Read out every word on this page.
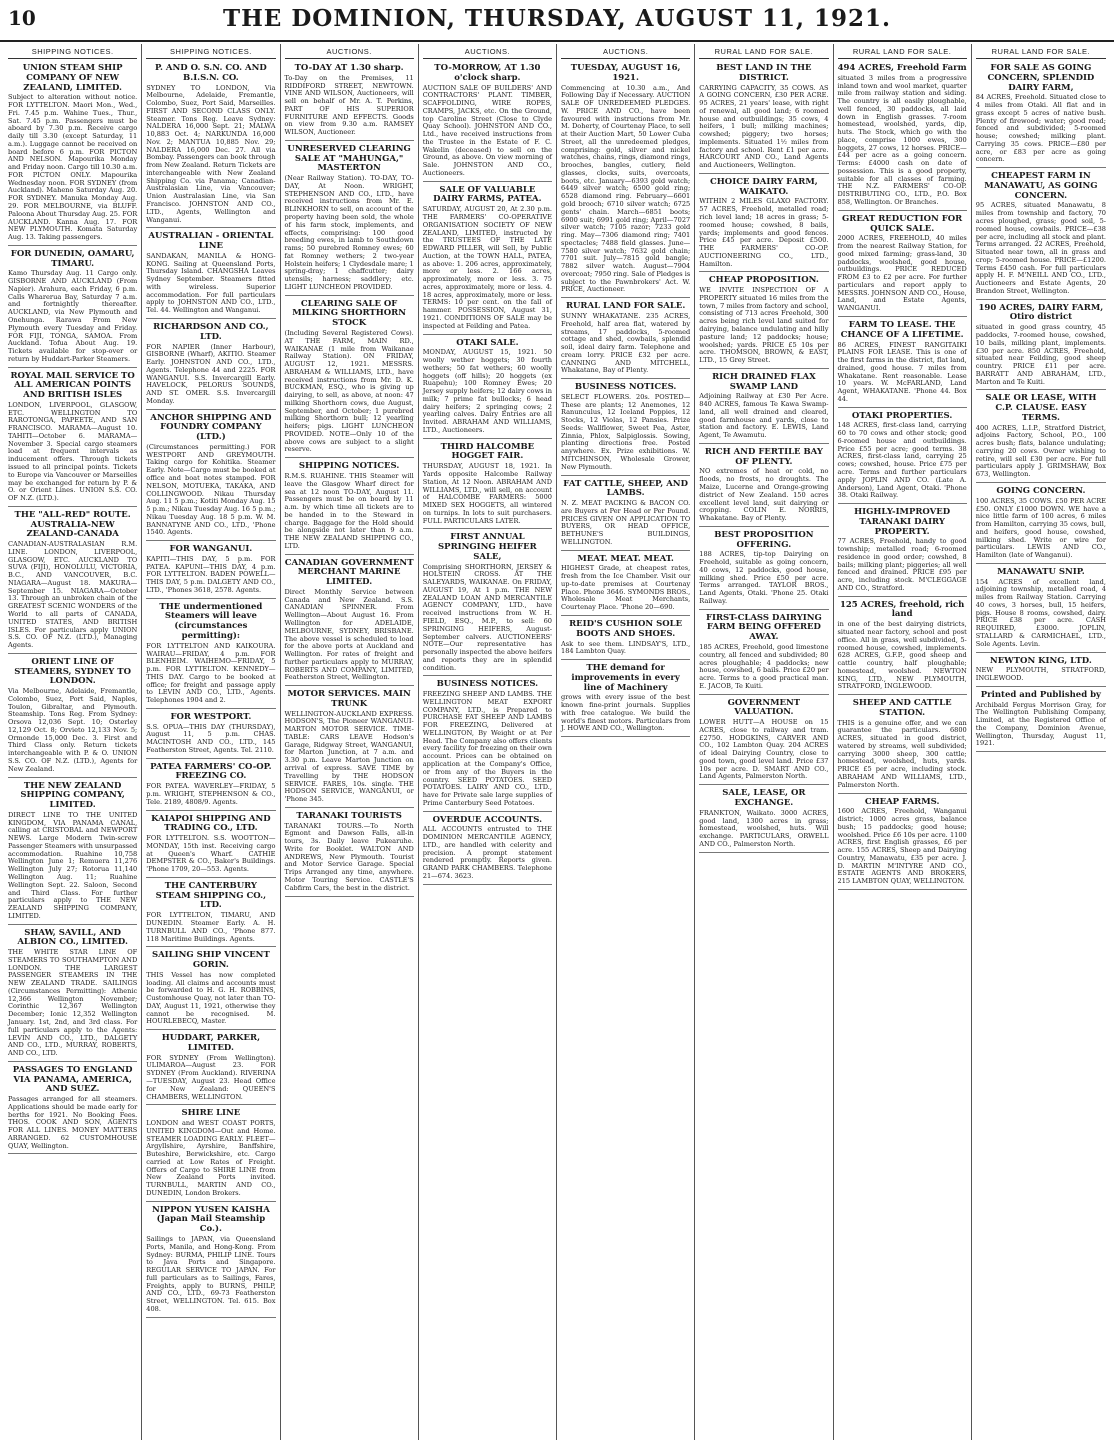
10	THE DOMINION, THURSDAY, AUGUST 11, 1921.
SHIPPING NOTICES.
UNION STEAM SHIP COMPANY OF NEW ZEALAND, LIMITED.
Subject to alteration without notice. FOR LYTTELTON. Maori Mon., Wed., Fri. 7.45 p.m. Wahine Tues., Thur., Sat. 7.45 p.m. Passengers must be aboard by 7.30 p.m. Receive cargo daily till 3.30 (except Saturday, 11 a.m.). Luggage cannot be received on board before 6 p.m. FOR PICTON AND NELSON. Mapourika Monday and Friday noon. Cargo till 10.30 a.m. FOR PICTON ONLY. Mapourika Wednesday noon. FOR SYDNEY (from Auckland). Maheno Saturday Aug. 20. FOR SYDNEY. Manuka Monday Aug. 29. FOR MELBOURNE, via BLUFF. Paloona About Thursday Aug. 25. FOR AUCKLAND. Kanna Aug. 17. FOR NEW PLYMOUTH. Komata Saturday Aug. 13. Taking passengers.
FOR DUNEDIN, OAMARU, TIMARU.
Kamo Thursday Aug. 11 Cargo only. GISBORNE AND AUCKLAND (From Napier). Arahura, each Friday, 6 p.m. Calls Wharerua Bay, Saturday 7 a.m. and fortnightly thereafter. AUCKLAND, via New Plymouth and Onehunga. Rarawa From New Plymouth every Tuesday and Friday. FOR FIJI, TONGA, SAMOA. From Auckland. Tofua About Aug. 19. Tickets available for stop-over or return by Huddart-Parker Steamers.
ROYAL MAIL SERVICE TO ALL AMERICAN POINTS AND BRITISH ISLES
LONDON, LIVERPOOL, GLASGOW, ETC. WELLINGTON TO RAROTONGA, PAPEETE, AND SAN FRANCISCO. MARAMA—August 10. TAHITI—October 6. MARAMA—November 3. Special cargo steamers load at frequent intervals as inducement offers. Through tickets issued to all principal points. Tickets to Europe via Vancouver or Marseilles may be exchanged for return by P. & O. or Orient Lines. UNION S.S. CO. OF N.Z. (LTD.).
THE "ALL-RED" ROUTE. AUSTRALIA-NEW ZEALAND-CANADA
CANADIAN-AUSTRALASIAN R.M. LINE. LONDON, LIVERPOOL, GLASGOW, ETC. AUCKLAND TO SUVA (FIJI), HONOLULU, VICTORIA, B.C., AND VANCOUVER, B.C. NIAGARA—August 18. MAKURA—September 15. NIAGARA—October 13. Through an unbroken chain of the GREATEST SCENIC WONDERS of the World to all parts of CANADA, UNITED STATES, AND BRITISH ISLES. For particulars apply UNION S.S. CO. OF N.Z. (LTD.), Managing Agents.
ORIENT LINE OF STEAMERS, SYDNEY TO LONDON.
Via Melbourne, Adelaide, Fremantle, Colombo, Suez, Port Said, Naples, Toulon, Gibraltar, and Plymouth. Steamship. Tons Reg. From Sydney: Orsova 12,036 Sept. 10; Osterley 12,129 Oct. 8; Orvieto 12,133 Nov. 5; Ormonde 15,000 Dec. 3. First and Third Class only. Return tickets interchangeable with P. & O. UNION S.S. CO. OF N.Z. (LTD.), Agents for New Zealand.
THE NEW ZEALAND SHIPPING COMPANY, LIMITED.
DIRECT LINE TO THE UNITED KINGDOM, VIA PANAMA CANAL, calling at CRISTOBAL and NEWPORT NEWS. Large Modern Twin-screw Passenger Steamers with unsurpassed accommodation. Ruahine 10,758 Wellington June 1; Remuera 11,276 Wellington July 27; Rotorua 11,140 Wellington Aug. 11; Ruahine Wellington Sept. 22. Saloon, Second and Third Class. For further particulars apply to THE NEW ZEALAND SHIPPING COMPANY, LIMITED.
SHAW, SAVILL, AND ALBION CO., LIMITED.
THE WHITE STAR LINE OF STEAMERS TO SOUTHAMPTON AND LONDON. THE LARGEST PASSENGER STEAMERS IN THE NEW ZEALAND TRADE. SAILINGS (Circumstances Permitting): Athenic 12,366 Wellington November; Corinthic 12,367 Wellington December; Ionic 12,352 Wellington January. 1st, 2nd, and 3rd class. For full particulars apply to the Agents: LEVIN AND CO., LTD., DALGETY AND CO., LTD., MURRAY, ROBERTS, AND CO., LTD.
PASSAGES TO ENGLAND VIA PANAMA, AMERICA, AND SUEZ.
Passages arranged for all steamers. Applications should be made early for berths for 1921. No Booking Fees. THOS. COOK AND SON, AGENTS FOR ALL LINES. MONEY MATTERS ARRANGED. 62 CUSTOMHOUSE QUAY, Wellington.
SHIPPING NOTICES.
P. AND O. S.N. CO. AND B.I.S.N. CO.
SYDNEY TO LONDON, Via Melbourne, Adelaide, Fremantle, Colombo, Suez, Port Said, Marseilles. FIRST AND SECOND CLASS ONLY. Steamer. Tons Reg. Leave Sydney: NALDERA 16,000 Sept. 21; MALWA 10,883 Oct. 4; NARKUNDA 16,000 Nov. 2; MANTUA 10,885 Nov. 29; NALDERA 16,000 Dec. 27. All via Bombay. Passengers can book through from New Zealand. Return Tickets are interchangeable with New Zealand Shipping Co. via Panama; Canadian-Australasian Line, via Vancouver; Union Australasian Line, via San Francisco. JOHNSTON AND CO., LTD., Agents, Wellington and Wanganui.
AUSTRALIAN - ORIENTAL LINE
SANDAKAN, MANILA & HONG-KONG. Sailing at Queensland Ports, Thursday Island. CHANGSHA Leaves Sydney September. Steamers fitted with wireless. Superior accommodation. For full particulars apply to JOHNSTON AND CO., LTD., Tel. 44. Wellington and Wanganui.
RICHARDSON AND CO., LTD.
FOR NAPIER (Inner Harbour), GISBORNE (Wharf), AKITIO. Steamer Early. JOHNSTON AND CO., LTD., Agents. Telephone 44 and 2225. FOR WANGANUI. S.S. Invercargill Early. HAVELOCK, PELORUS SOUNDS, AND ST. OMER. S.S. Invercargill Monday.
ANCHOR SHIPPING AND FOUNDRY COMPANY (LTD.)
(Circumstances permitting.) FOR WESTPORT AND GREYMOUTH. Taking cargo for Kohitika. Steamer Early. Note—Cargo must be booked at office and boat notes stamped. FOR NELSON, MOTUEKA, TAKAKA, AND COLLINGWOOD. Nikau Thursday Aug. 11 5 p.m.; Kotiti Monday Aug. 15 5 p.m.; Nikau Tuesday Aug. 16 5 p.m.; Nikau Tuesday Aug. 18 5 p.m. W. M. BANNATYNE AND CO., LTD., 'Phone 1540. Agents.
FOR WANGANUI.
KAPITI—THIS DAY, 5 p.m. FOR PATEA. KAPUNI—THIS DAY, 4 p.m. FOR LYTTELTON. BADEN POWELL—THIS DAY, 5 p.m. DALGETY AND CO., LTD., 'Phones 3618, 2578. Agents.
THE undermentioned Steamers will leave (circumstances permitting):
FOR LYTTELTON AND KAIKOURA. WAIRAU—FRIDAY, 4 p.m. FOR BLENHEIM. WAIHEMO—FRIDAY, 5 p.m. FOR LYTTELTON. KENNEDY—THIS DAY. Cargo to be booked at office; for freight and passage apply to LEVIN AND CO., LTD., Agents. Telephones 1904 and 2.
FOR WESTPORT.
S.S. OPUA—THIS DAY (THURSDAY), August 11, 5 p.m. CHAS. MACINTOSH AND CO., LTD., 145 Featherston Street, Agents. Tel. 2110.
PATEA FARMERS' CO-OP. FREEZING CO.
FOR PATEA. WAVERLEY—FRIDAY, 5 p.m. WRIGHT, STEPHENSON & CO., Tele. 2189, 4808/9. Agents.
KAIAPOI SHIPPING AND TRADING CO., LTD.
FOR LYTTELTON. S.S. WOOTTON—MONDAY, 15th inst. Receiving cargo at Queen's Wharf. CATHIE DEMPSTER & CO., Baker's Buildings. 'Phone 1709, 20—553. Agents.
THE CANTERBURY STEAM SHIPPING CO., LTD.
FOR LYTTELTON, TIMARU, AND DUNEDIN. Steamer Early. A. H. TURNBULL AND CO., 'Phone 877. 118 Maritime Buildings. Agents.
SAILING SHIP VINCENT GORIN.
THIS Vessel has now completed loading. All claims and accounts must be forwarded to H. G. H. ROBBINS, Customhouse Quay, not later than TO-DAY, August 11, 1921, otherwise they cannot be recognised. M. HOURLEBECQ, Master.
HUDDART, PARKER, LIMITED.
FOR SYDNEY (From Wellington). ULIMAROA—August 23. FOR SYDNEY (From Auckland). RIVERINA—TUESDAY, August 23. Head Office for New Zealand: QUEEN'S CHAMBERS, WELLINGTON.
SHIRE LINE
LONDON and WEST COAST PORTS, UNITED KINGDOM—Out and Home. STEAMER LOADING EARLY. FLEET—Argyllshire, Ayrshire, Banffshire, Buteshire, Berwickshire, etc. Cargo carried at Low Rates of Freight. Offers of Cargo to SHIRE LINE from New Zealand Ports invited. TURNBULL, MARTIN AND CO., DUNEDIN, London Brokers.
NIPPON YUSEN KAISHA (Japan Mail Steamship Co.).
Sailings to JAPAN, via Queensland Ports, Manila, and Hong-Kong. From Sydney: BURMA, PHILIP LINE. Tours to Java Ports and Singapore. REGULAR SERVICE TO JAPAN. For full particulars as to Sailings, Fares, Freights, apply to BURNS, PHILP, AND CO., LTD., 69-73 Featherston Street, WELLINGTON. Tel. 615. Box 408.
AUCTIONS.
TO-DAY AT 1.30 sharp.
To-Day on the Premises, 11 RIDDIFORD STREET, NEWTOWN. VINE AND WILSON, Auctioneers, will sell on behalf of Mr. A. T. Perkins, PART OF HIS SUPERIOR FURNITURE AND EFFECTS. Goods on view from 9.30 a.m. RAMSEY WILSON, Auctioneer.
UNRESERVED CLEARING SALE AT "MAHUNGA," MASTERTON
(Near Railway Station). TO-DAY, TO-DAY, At Noon. WRIGHT, STEPHENSON AND CO., LTD., have received instructions from Mr. E. BLINKHORN to sell, on account of the property having been sold, the whole of his farm stock, implements, and effects, comprising: 100 good breeding ewes, in lamb to Southdown rams; 50 purebred Romney ewes; 60 fat Romney wethers; 2 two-year Holstein heifers; 1 Clydesdale mare; 1 spring-dray; 1 chaffcutter; dairy utensils; harness; saddlery; etc. LIGHT LUNCHEON PROVIDED.
CLEARING SALE OF MILKING SHORTHORN STOCK
(Including Several Registered Cows). AT THE FARM, MAIN RD., WAIKANAE (1 mile from Waikanae Railway Station). ON FRIDAY, AUGUST 12, 1921. MESSRS. ABRAHAM & WILLIAMS, LTD., have received instructions from Mr. D. K. BUCKMAN, ESQ., who is giving up dairying, to sell, as above, at noon: 47 milking Shorthorn cows, due August, September, and October; 1 purebred milking Shorthorn bull; 12 yearling heifers; pigs. LIGHT LUNCHEON PROVIDED. NOTE—Only 10 of the above cows are subject to a slight reserve.
SHIPPING NOTICES.
R.M.S. RUAHINE. THIS Steamer will leave the Glasgow Wharf direct for sea at 12 noon TO-DAY, August 11. Passengers must be on board by 11 a.m. by which time all tickets are to be handed in to the Steward in charge. Baggage for the Hold should be alongside not later than 9 a.m. THE NEW ZEALAND SHIPPING CO., LTD.
CANADIAN GOVERNMENT MERCHANT MARINE LIMITED.
Direct Monthly Service between Canada and New Zealand. S.S. CANADIAN SPINNER. From Wellington—About August 16. From Wellington for ADELAIDE, MELBOURNE, SYDNEY, BRISBANE. The above vessel is scheduled to load for the above ports at Auckland and Wellington. For rates of freight and further particulars apply to MURRAY, ROBERTS AND COMPANY, LIMITED, Featherston Street, Wellington.
MOTOR SERVICES. MAIN TRUNK
WELLINGTON-AUCKLAND EXPRESS. HODSON'S, The Pioneer WANGANUI-MARTON MOTOR SERVICE. TIME-TABLE: CARS LEAVE Hodson's Garage, Ridgway Street, WANGANUI, for Marton Junction, at 7 a.m. and 3.30 p.m. Leave Marton Junction on arrival of express. SAVE TIME by Travelling by THE HODSON SERVICE. FARES, 10s. single. THE HODSON SERVICE, WANGANUI, or 'Phone 345.
TARANAKI TOURISTS
TARANAKI TOURS.—To North Egmont and Dawson Falls, all-in tours, 3s. Daily leave Pukearuhe. Write for Booklet. WALTON AND ANDREWS, New Plymouth. Tourist and Motor Service Garage. Special Trips Arranged any time, anywhere. Motor Touring Service. CASTLE'S Cabfirm Cars, the best in the district.
AUCTIONS.
TO-MORROW, AT 1.30 o'clock sharp.
AUCTION SALE OF BUILDERS' AND CONTRACTORS' PLANT. TIMBER, SCAFFOLDING, WIRE ROPES, CRAMPS, JACKS, etc. On the Ground, top Caroline Street (Close to Clyde Quay School). JOHNSTON AND CO., Ltd., have received instructions from the Trustee in the Estate of F. C. Wakelin (deceased) to sell on the Ground, as above. On view morning of Sale. JOHNSTON AND CO., Auctioneers.
SALE OF VALUABLE DAIRY FARMS, PATEA.
SATURDAY, AUGUST 20, At 2.30 p.m. THE FARMERS' CO-OPERATIVE ORGANISATION SOCIETY OF NEW ZEALAND, LIMITED, instructed by the TRUSTEES OF THE LATE EDWARD PILLER, will Sell, by Public Auction, at the TOWN HALL, PATEA, as above: 1. 206 acres, approximately, more or less. 2. 166 acres, approximately, more or less. 3. 75 acres, approximately, more or less. 4. 18 acres, approximately, more or less. TERMS: 10 per cent. on the fall of hammer. POSSESSION, August 31, 1921. CONDITIONS OF SALE may be inspected at Feilding and Patea.
OTAKI SALE.
MONDAY, AUGUST 15, 1921. 50 woolly wether hoggets; 30 fourth wethers; 50 fat wethers; 60 woolly hoggets (off hills); 20 hoggets (ex Ruapehu); 100 Romney Ewes; 20 Jersey supply heifers; 12 dairy cows in milk; 7 prime fat bullocks; 6 head dairy heifers; 2 springing cows; 2 yearling calves. Dairy Entries are all Invited. ABRAHAM AND WILLIAMS, LTD., Auctioneers.
THIRD HALCOMBE HOGGET FAIR.
THURSDAY, AUGUST 18, 1921. In Yards opposite Halcombe Railway Station, At 12 Noon. ABRAHAM AND WILLIAMS, LTD., will sell, on account of HALCOMBE FARMERS: 5000 MIXED SEX HOGGETS, all wintered on turnips. In lots to suit purchasers. FULL PARTICULARS LATER.
FIRST ANNUAL SPRINGING HEIFER SALE,
Comprising SHORTHORN, JERSEY & HOLSTEIN CROSS. AT THE SALEYARDS, WAIKANAE. On FRIDAY, AUGUST 19, At 1 p.m. THE NEW ZEALAND LOAN AND MERCANTILE AGENCY COMPANY, LTD., have received instructions from W. H. FIELD, ESQ., M.P., to sell: 60 SPRINGING HEIFERS, August-September calvers. AUCTIONEERS' NOTE—Our representative has personally inspected the above heifers and reports they are in splendid condition.
BUSINESS NOTICES.
FREEZING SHEEP AND LAMBS. THE WELLINGTON MEAT EXPORT COMPANY, LTD., is Prepared to PURCHASE FAT SHEEP AND LAMBS FOR FREEZING, Delivered at WELLINGTON, By Weight or at Per Head. The Company also offers clients every facility for freezing on their own account. Prices can be obtained on application at the Company's Office, or from any of the Buyers in the country. SEED POTATOES. SEED POTATOES. LAIRY AND CO., LTD., have for Private sale large supplies of Prime Canterbury Seed Potatoes.
OVERDUE ACCOUNTS.
ALL ACCOUNTS entrusted to THE DOMINION MERCANTILE AGENCY, LTD., are handled with celerity and precision. A prompt statement rendered promptly. Reports given. GRAND PARK CHAMBERS. Telephone 21—674. 3623.
AUCTIONS.
TUESDAY, AUGUST 16, 1921.
Commencing at 10.30 a.m., And Following Day if Necessary. AUCTION SALE OF UNREDEEMED PLEDGES. W. PRICE AND CO., have been favoured with instructions from Mr. M. Doherty, of Courtenay Place, to sell at their Auction Mart, 50 Lower Cuba Street, all the unredeemed pledges, comprising: gold, silver and nickel watches, chains, rings, diamond rings, brooches, bangles, cutlery, field glasses, clocks, suits, overcoats, boots, etc. January—6393 gold watch; 6449 silver watch; 6500 gold ring; 6528 diamond ring. February—6601 gold brooch; 6710 silver watch; 6725 gents' chain. March—6851 boots; 6900 suit; 6991 gold ring; April—7027 silver watch; 7105 razor; 7233 gold ring. May—7306 diamond ring; 7401 spectacles; 7488 field glasses. June—7580 silver watch; 7632 gold chain; 7701 suit. July—7815 gold bangle; 7882 silver watch. August—7904 overcoat; 7950 ring. Sale of Pledges is subject to the Pawnbrokers' Act. W. PRICE, Auctioneer.
RURAL LAND FOR SALE.
SUNNY WHAKATANE. 235 ACRES, Freehold, half area flat, watered by streams, 17 paddocks, 5-roomed cottage and shed, cowbails, splendid soil, ideal dairy farm. Telephone and cream lorry. PRICE £32 per acre. CANNING AND MITCHELL, Whakatane, Bay of Plenty.
BUSINESS NOTICES.
SELECT FLOWERS. 20s. POSTED—These are plants; 12 Anemones, 12 Ranunculus, 12 Iceland Poppies, 12 Stocks, 12 Violas, 12 Pansies. Prize Seeds: Wallflower, Sweet Pea, Aster, Zinnia, Phlox, Salpiglossis. Sowing, planting directions free. Posted anywhere. Ex. Prize exhibitions. W. MITCHINSON, Wholesale Grower, New Plymouth.
FAT CATTLE, SHEEP, AND LAMBS.
N. Z. MEAT PACKING & BACON CO. are Buyers at Per Head or Per Pound. PRICES GIVEN ON APPLICATION TO BUYERS, OR HEAD OFFICE, BETHUNE'S BUILDINGS, WELLINGTON.
MEAT. MEAT. MEAT.
HIGHEST Grade, at cheapest rates, fresh from the Ice Chamber. Visit our up-to-date premises at Courtenay Place. Phone 3646. SYMONDS BROS., Wholesale Meat Merchants, Courtenay Place. 'Phone 20—690.
REID'S CUSHION SOLE BOOTS AND SHOES.
Ask to see them. LINDSAY'S, LTD., 184 Lambton Quay.
THE demand for improvements in every line of Machinery
grows with every issue of the best known fine-print journals. Supplies with free catalogue. We build the world's finest motors. Particulars from J. HOWE AND CO., Wellington.
RURAL LAND FOR SALE.
BEST LAND IN THE DISTRICT.
CARRYING CAPACITY, 35 COWS. AS A GOING CONCERN, £30 PER ACRE. 95 ACRES, 21 years' lease, with right of renewal, all good land; 6 roomed house and outbuildings; 35 cows, 4 heifers, 1 bull; milking machines; cowshed; piggery; two horses; implements. Situated 1½ miles from factory and school. Rent £1 per acre. HARCOURT AND CO., Land Agents and Auctioneers, Wellington.
CHOICE DAIRY FARM, WAIKATO.
WITHIN 2 MILES GLAXO FACTORY. 57 ACRES, Freehold, metalled road; rich level land; 18 acres in grass; 5-roomed house; cowshed, 8 bails, yards; implements and good fences. Price £45 per acre. Deposit £500. THE FARMERS' CO-OP. AUCTIONEERING CO., LTD., Hamilton.
CHEAP PROPOSITION.
WE INVITE INSPECTION OF A PROPERTY situated 16 miles from the town, 7 miles from factory and school, consisting of 713 acres Freehold, 300 acres being rich level land suited for dairying, balance undulating and hilly pasture land; 12 paddocks; house; woolshed; yards. PRICE £5 10s per acre. THOMSON, BROWN, & EAST, LTD., 15 Grey Street.
RICH DRAINED FLAX SWAMP LAND
Adjoining Railway at £30 Per Acre. 840 ACRES, famous Te Kawa Swamp-land, all well drained and cleared, good farmhouse and yards, close to station and factory. E. LEWIS, Land Agent, Te Awamutu.
RICH AND FERTILE BAY OF PLENTY.
NO extremes of heat or cold, no floods, no frosts, no droughts. The Maize, Lucerne and Orange-growing district of New Zealand. 150 acres excellent level land, suit dairying or cropping. COLIN E. NORRIS, Whakatane. Bay of Plenty.
BEST PROPOSITION OFFERING.
188 ACRES, tip-top Dairying on Freehold, suitable as going concern, 40 cows, 12 paddocks, good house, milking shed. Price £50 per acre. Terms arranged. TAYLOR BROS., Land Agents, Otaki. 'Phone 25. Otaki Railway.
FIRST-CLASS DAIRYING FARM BEING OFFERED AWAY.
185 ACRES, Freehold, good limestone country, all fenced and subdivided; 80 acres ploughable; 4 paddocks; new house, cowshed, 6 bails. Price £20 per acre. Terms to a good practical man. E. JACOB, Te Kuiti.
GOVERNMENT VALUATION.
LOWER HUTT—A HOUSE on 15 ACRES, close to railway and tram. £2750. HODGKINS, CARVER AND CO., 102 Lambton Quay. 204 ACRES of ideal Dairying Country, close to good town, good level land. Price £37 10s per acre. D. SMART AND CO., Land Agents, Palmerston North.
SALE, LEASE, OR EXCHANGE.
FRANKTON, Waikato. 3000 ACRES, good land, 1300 acres in grass; homestead, woolshed, huts. Will exchange. PARTICULARS, ORWELL AND CO., Palmerston North.
RURAL LAND FOR SALE.
494 ACRES, Freehold Farm
situated 3 miles from a progressive inland town and wool market, quarter mile from railway station and siding. The country is all easily ploughable, well fenced, 30 paddocks, all laid down in English grasses. 7-room homestead, woolshed, yards, dip, huts. The Stock, which go with the place, comprise 1000 ewes, 300 hoggets, 27 cows, 12 horses. PRICE—£44 per acre as a going concern. Terms: £4000 cash on date of possession. This is a good property, suitable for all classes of farming. THE N.Z. FARMERS' CO-OP. DISTRIBUTING CO., LTD., P.O. Box 858, Wellington. Or Branches.
GREAT REDUCTION FOR QUICK SALE.
2000 ACRES, FREEHOLD, 40 miles from the nearest Railway Station, for good mixed farming; grass-land, 30 paddocks, woolshed, good house, outbuildings. PRICE REDUCED FROM £3 to £2 per acre. For further particulars and report apply to MESSRS. JOHNSON AND CO., House, Land, and Estate Agents, WANGANUI.
FARM TO LEASE. THE CHANCE OF A LIFETIME.
86 ACRES, FINEST RANGITAIKI PLAINS FOR LEASE. This is one of the first farms in the district, flat land, drained, good house. 7 miles from Whakatane. Rent reasonable. Lease 10 years. W. McFARLAND, Land Agent, WHAKATANE. 'Phone 44. Box 44.
OTAKI PROPERTIES.
148 ACRES, first-class land, carrying 60 to 70 cows and other stock; good 6-roomed house and outbuildings. Price £55 per acre; good terms. 38 ACRES, first-class land, carrying 25 cows; cowshed, house. Price £75 per acre. Terms and further particulars apply JOPLIN AND CO. (Late A. Anderson), Land Agent, Otaki. 'Phone 38. Otaki Railway.
HIGHLY-IMPROVED TARANAKI DAIRY PROPERTY.
77 ACRES, Freehold, handy to good township; metalled road; 6-roomed residence in good order; cowshed, 8 bails; milking plant; piggeries; all well fenced and drained. PRICE £95 per acre, including stock. M'CLEGGAGE AND CO., Stratford.
125 ACRES, freehold, rich land
in one of the best dairying districts, situated near factory, school and post office. All in grass, well subdivided, 5-roomed house, cowshed, implements. 628 ACRES, G.F.P., good sheep and cattle country, half ploughable; homestead, woolshed. NEWTON KING, LTD., NEW PLYMOUTH, STRATFORD, INGLEWOOD.
SHEEP AND CATTLE STATION.
THIS is a genuine offer, and we can guarantee the particulars. 6800 ACRES, situated in good district, watered by streams, well subdivided; carrying 3000 sheep, 300 cattle; homestead, woolshed, huts, yards. PRICE £5 per acre, including stock. ABRAHAM AND WILLIAMS, LTD., Palmerston North.
CHEAP FARMS.
1600 ACRES, Freehold, Wanganui district; 1000 acres grass, balance bush; 15 paddocks; good house; woolshed. Price £6 10s per acre. 1100 ACRES, first English grasses, £6 per acre. 155 ACRES, Sheep and Dairying Country, Manawatu, £35 per acre. J. D. MARTIN M'INTYRE AND CO., ESTATE AGENTS AND BROKERS, 215 LAMBTON QUAY, WELLINGTON.
RURAL LAND FOR SALE.
FOR SALE AS GOING CONCERN, SPLENDID DAIRY FARM,
84 ACRES, Freehold. Situated close to 4 miles from Otaki. All flat and in grass except 5 acres of native bush. Plenty of firewood; water; good road; fenced and subdivided; 5-roomed house; cowshed; milking plant. Carrying 35 cows. PRICE—£80 per acre, or £83 per acre as going concern.
CHEAPEST FARM IN MANAWATU, AS GOING CONCERN.
95 ACRES, situated Manawatu, 8 miles from township and factory, 70 acres ploughed, grass; good soil, 5-roomed house, cowbails. PRICE—£38 per acre, including all stock and plant. Terms arranged. 22 ACRES, Freehold, Situated near town, all in grass and crop; 5-roomed house. PRICE—£1200. Terms £450 cash. For full particulars apply H. F. M'NEILL AND CO., LTD., Auctioneers and Estate Agents, 20 Brandon Street, Wellington.
190 ACRES, DAIRY FARM, Otiro district
situated in good grass country, 45 paddocks, 7-roomed house, cowshed, 10 bails, milking plant, implements. £30 per acre. 850 ACRES, Freehold, situated near Feilding, good sheep country. PRICE £11 per acre. BARRATT AND ABRAHAM, LTD., Marton and Te Kuiti.
SALE OR LEASE, WITH C.P. CLAUSE. EASY TERMS.
400 ACRES, L.I.P., Stratford District, adjoins Factory, School, P.O., 100 acres bush; flats, balance undulating; carrying 20 cows. Owner wishing to retire, will sell £30 per acre. For full particulars apply J. GRIMSHAW, Box 673, Wellington.
GOING CONCERN.
100 ACRES, 35 COWS. £50 PER ACRE £50. ONLY £1000 DOWN. WE have a nice little farm of 100 acres, 6 miles from Hamilton, carrying 35 cows, bull, and heifers, good house, cowshed, milking shed. Write or wire for particulars. LEWIS AND CO., Hamilton (late of Wanganui).
MANAWATU SNIP.
154 ACRES of excellent land, adjoining township, metalled road, 4 miles from Railway Station. Carrying 40 cows, 3 horses, bull, 15 heifers, pigs. House 8 rooms, cowshed, dairy. PRICE £38 per acre. CASH REQUIRED, £3000. JOPLIN, STALLARD & CARMICHAEL, LTD., Sole Agents. Levin.
NEWTON KING, LTD.
NEW PLYMOUTH, STRATFORD, INGLEWOOD.
Printed and Published by
Archibald Fergus Morrison Gray, for The Wellington Publishing Company, Limited, at the Registered Office of the Company, Dominion Avenue, Wellington, Thursday, August 11, 1921.
